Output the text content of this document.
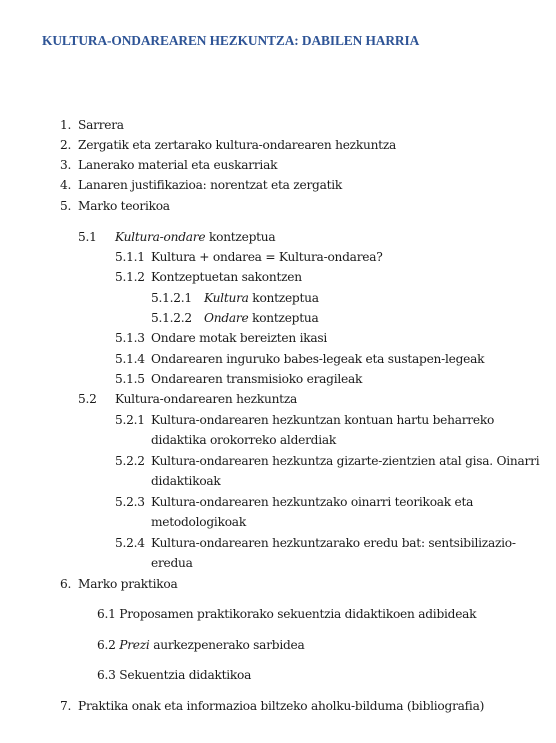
KULTURA-ONDAREAREN HEZKUNTZA: DABILEN HARRIA
1. Sarrera
2. Zergatik eta zertarako kultura-ondarearen hezkuntza
3. Lanerako material eta euskarriak
4. Lanaren justifikazioa: norentzat eta zergatik
5. Marko teorikoa
5.1 Kultura-ondare kontzeptua
5.1.1 Kultura + ondarea = Kultura-ondarea?
5.1.2 Kontzeptuetan sakontzen
5.1.2.1 Kultura kontzeptua
5.1.2.2 Ondare kontzeptua
5.1.3 Ondare motak bereizten ikasi
5.1.4 Ondarearen inguruko babes-legeak eta sustapen-legeak
5.1.5 Ondarearen transmisioko eragileak
5.2 Kultura-ondarearen hezkuntza
5.2.1 Kultura-ondarearen hezkuntzan kontuan hartu beharreko
didaktika orokorreko alderdiak
5.2.2 Kultura-ondarearen hezkuntza gizarte-zientzien atal gisa. Oinarri
didaktikoak
5.2.3 Kultura-ondarearen hezkuntzako oinarri teorikoak eta
metodologikoak
5.2.4 Kultura-ondarearen hezkuntzarako eredu bat: sentsibilizazio-
eredua
6. Marko praktikoa
6.1 Proposamen praktikorako sekuentzia didaktikoen adibideak
6.2 Prezi aurkezpenerako sarbidea
6.3 Sekuentzia didaktikoa
7. Praktika onak eta informazioa biltzeko aholku-bilduma (bibliografia)
